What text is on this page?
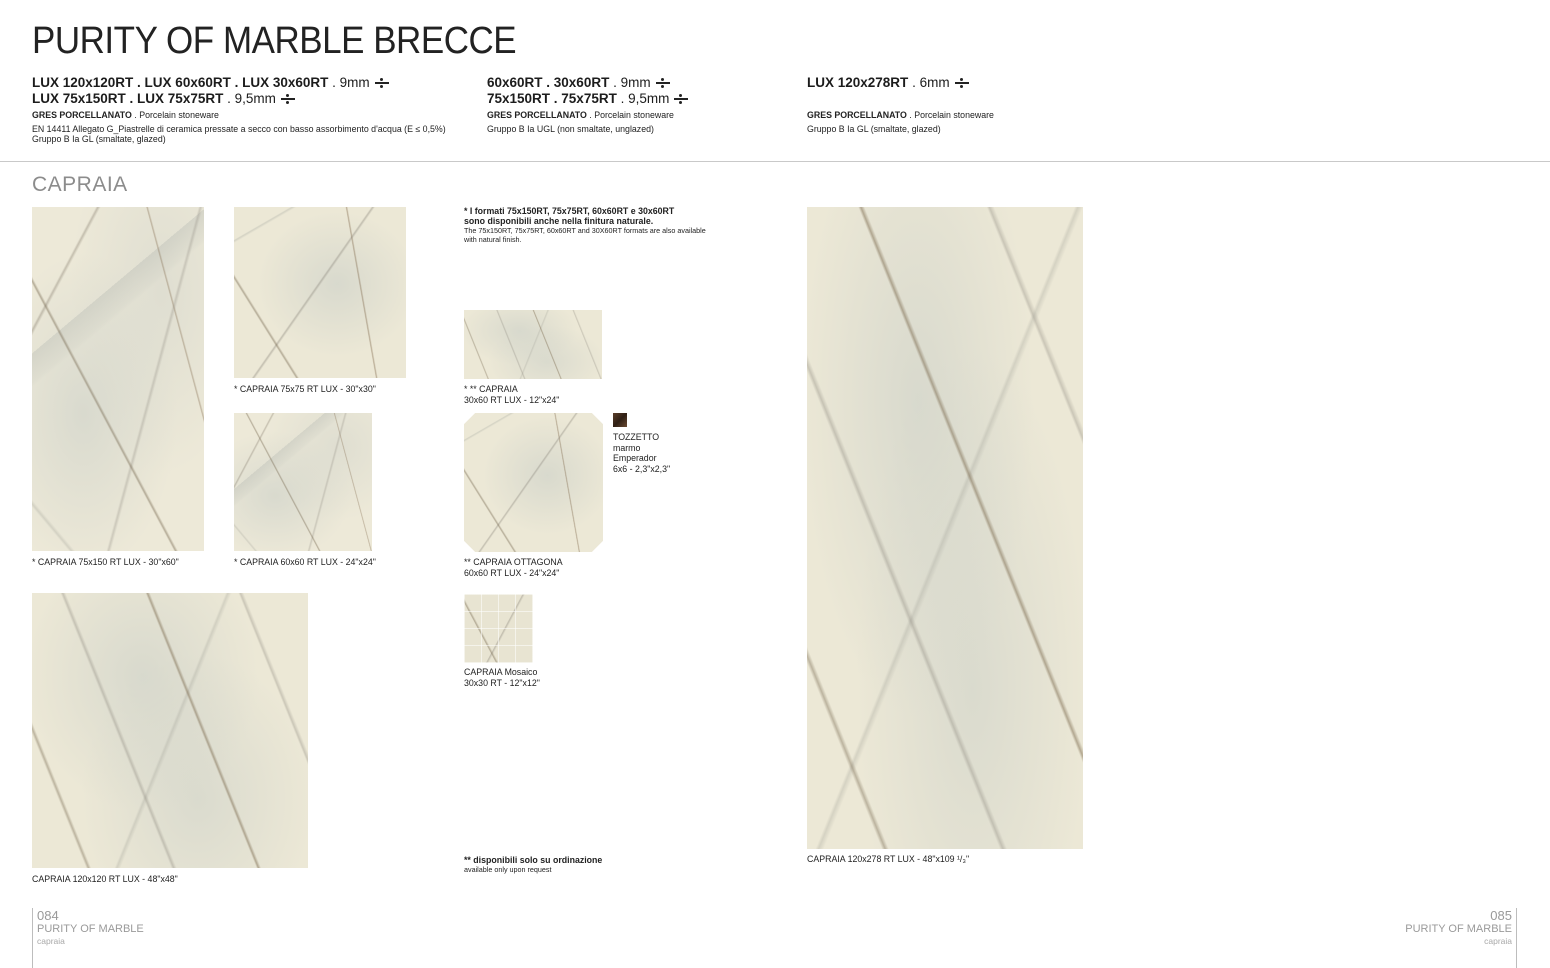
PURITY OF MARBLE BRECCE
LUX 120x120RT . LUX 60x60RT . LUX 30x60RT . 9mm
LUX 75x150RT . LUX 75x75RT . 9,5mm
GRES PORCELLANATO . Porcelain stoneware
EN 14411 Allegato G_Piastrelle di ceramica pressate a secco con basso assorbimento d'acqua (E ≤ 0,5%)
Gruppo B Ia GL (smaltate, glazed)
60x60RT . 30x60RT . 9mm
75x150RT . 75x75RT . 9,5mm
GRES PORCELLANATO . Porcelain stoneware
Gruppo B Ia UGL (non smaltate, unglazed)
LUX 120x278RT . 6mm
GRES PORCELLANATO . Porcelain stoneware
Gruppo B Ia GL (smaltate, glazed)
CAPRAIA
* CAPRAIA 75x150 RT LUX - 30"x60"
CAPRAIA 120x120 RT LUX - 48"x48"
* CAPRAIA 75x75 RT LUX - 30"x30"
* CAPRAIA 60x60 RT LUX - 24"x24"
* I formati 75x150RT, 75x75RT, 60x60RT e 30x60RT
sono disponibili anche nella finitura naturale.
The 75x150RT, 75x75RT, 60x60RT and 30X60RT formats are also available
with natural finish.
* ** CAPRAIA
30x60 RT LUX - 12"x24"
** CAPRAIA OTTAGONA
60x60 RT LUX - 24"x24"
TOZZETTO
marmo
Emperador
6x6 - 2,3"x2,3"
CAPRAIA Mosaico
30x30 RT - 12"x12"
** disponibili solo su ordinazione
available only upon request
CAPRAIA 120x278 RT LUX - 48"x109 ¹/₃"
084
PURITY OF MARBLE
capraia
085
PURITY OF MARBLE
capraia
